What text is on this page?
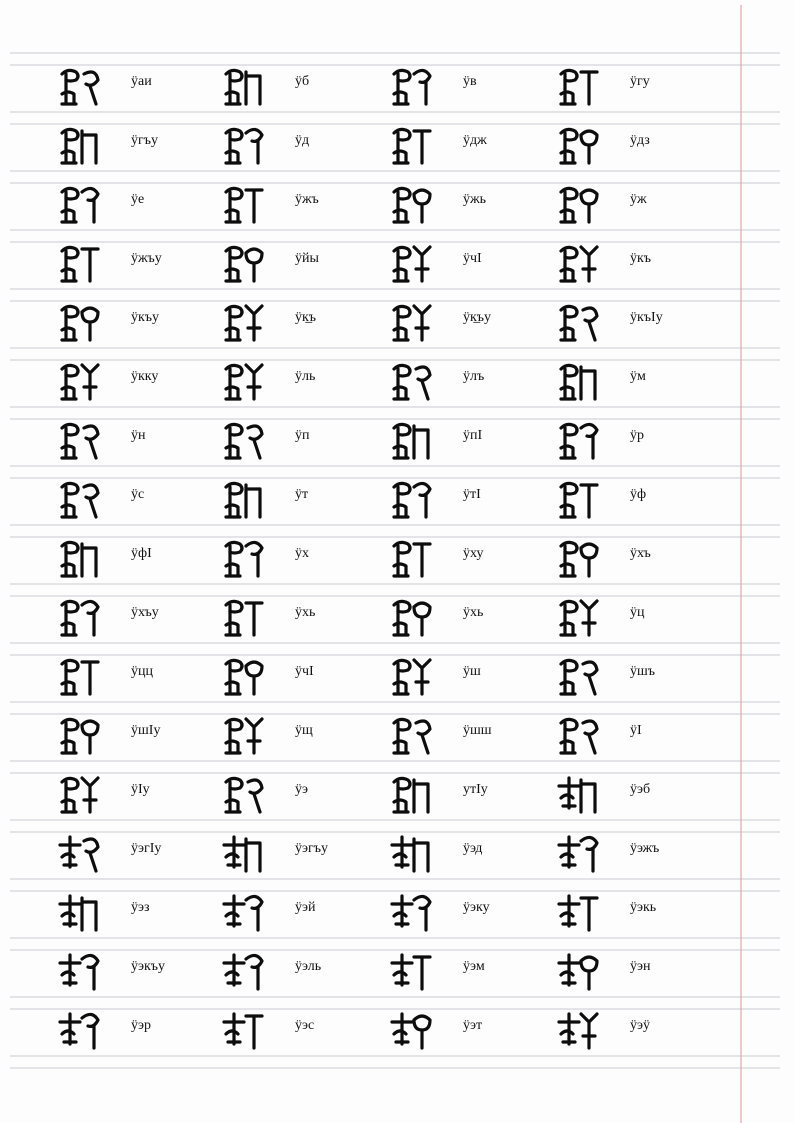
ӱаи	ӱб	ӱв	ӱгу
ӱгъу	ӱд	ӱдж	ӱдз
ӱе	ӱжъ	ӱжь	ӱж
ӱжъу	ӱйы	ӱчІ	ӱкъ
ӱкъу	ӱк̲ъ	ӱк̲ъу	ӱкъІу
ӱкку	ӱль	ӱлъ	ӱм
ӱн	ӱп	ӱпІ	ӱр
ӱс	ӱт	ӱтІ	ӱф
ӱфІ	ӱх	ӱху	ӱхъ
ӱхъу	ӱхь	ӱхь	ӱц
ӱцц	ӱчІ	ӱш	ӱшъ
ӱшІу	ӱщ	ӱшш	ӱІ
ӱІу	ӱэ	утІу	ӱэб
ӱэгІу	ӱэгъу	ӱэд	ӱэжъ
ӱэз	ӱэй	ӱэку	ӱэкь
ӱэкъу	ӱэль	ӱэм	ӱэн
ӱэр	ӱэс	ӱэт	ӱэӱ
